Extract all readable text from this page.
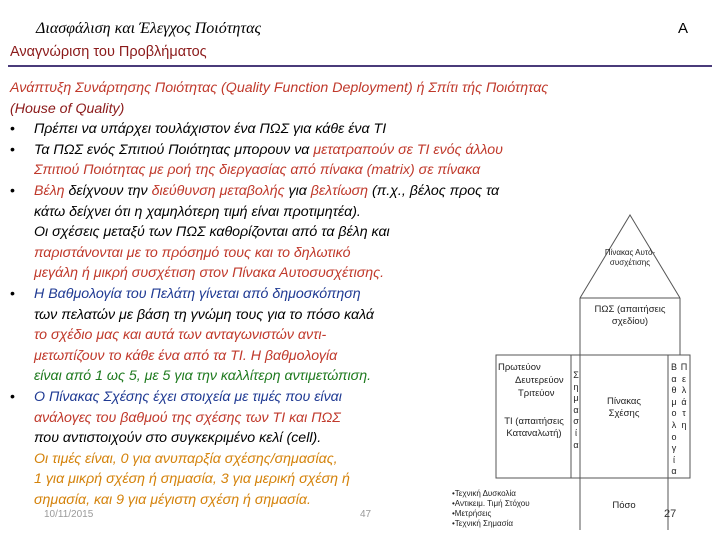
Διασφάλιση και Έλεγχος Ποιότητας	A
Αναγνώριση του Προβλήματος
Ανάπτυξη Συνάρτησης Ποιότητας (Quality Function Deployment) ή Σπίτι τής Ποιότητας
(House of Quality)
• Πρέπει να υπάρχει τουλάχιστον ένα ΠΩΣ για κάθε ένα ΤΙ
• Τα ΠΩΣ ενός Σπιτιού Ποιότητας μπορουν να μετατραπούν σε ΤΙ ενός άλλου
Σπιτιού Ποιότητας με ροή της διεργασίας από πίνακα (matrix) σε πίνακα
• Βέλη δείχνουν την διεύθυνση μεταβολής για βελτίωση (π.χ., βέλος προς τα
κάτω δείχνει ότι η χαμηλότερη τιμή είναι προτιμητέα).
Οι σχέσεις μεταξύ των ΠΩΣ καθορίζονται από τα βέλη και
παριστάνονται με το πρόσημό τους και το δηλωτικό
μεγάλη ή μικρή συσχέτιση στον Πίνακα Αυτοσυσχέτισης.
• Η Βαθμολογία του Πελάτη γίνεται από δημοσκόπηση
των πελατών με βάση τη γνώμη τους για το πόσο καλά
το σχέδιο μας και αυτά των ανταγωνιστών αντι-
μετωπίζουν το κάθε ένα από τα ΤΙ. Η βαθμολογία
είναι από 1 ως 5, με 5 για την καλλίτερη αντιμετώπιση.
• Ο Πίνακας Σχέσης έχει στοιχεία με τιμές που είναι
ανάλογες του βαθμού της σχέσης των ΤΙ και ΠΩΣ
που αντιστοιχούν στο συγκεκριμένο κελί (cell).
Οι τιμές είναι, 0 για ανυπαρξία σχέσης/σημασίας,
1 για μικρή σχέση ή σημασία, 3 για μερική σχέση ή
σημασία, και 9 για μέγιστη σχέση ή σημασία.
Πίνακας Αυτό-συσχέτισης
ΠΩΣ (απαιτήσεις σχεδίου)
Πρωτεύον
Δευτερεύον
Τριτεύον
ΤΙ (απαιτήσεις Καταναλωτή)
Πίνακας Σχέσης
Πόσο
Σ
η
μ
α
σ
ί
α
Β
α
θ
μ
ο
λ
ο
γ
ί
α
Π
ε
λ
ά
τ
η
•Τεχνική Δυσκολία
•Αντικειμ. Τιμή Στόχου
•Μετρήσεις
•Τεχνική Σημασία
10/11/2015	47	27
